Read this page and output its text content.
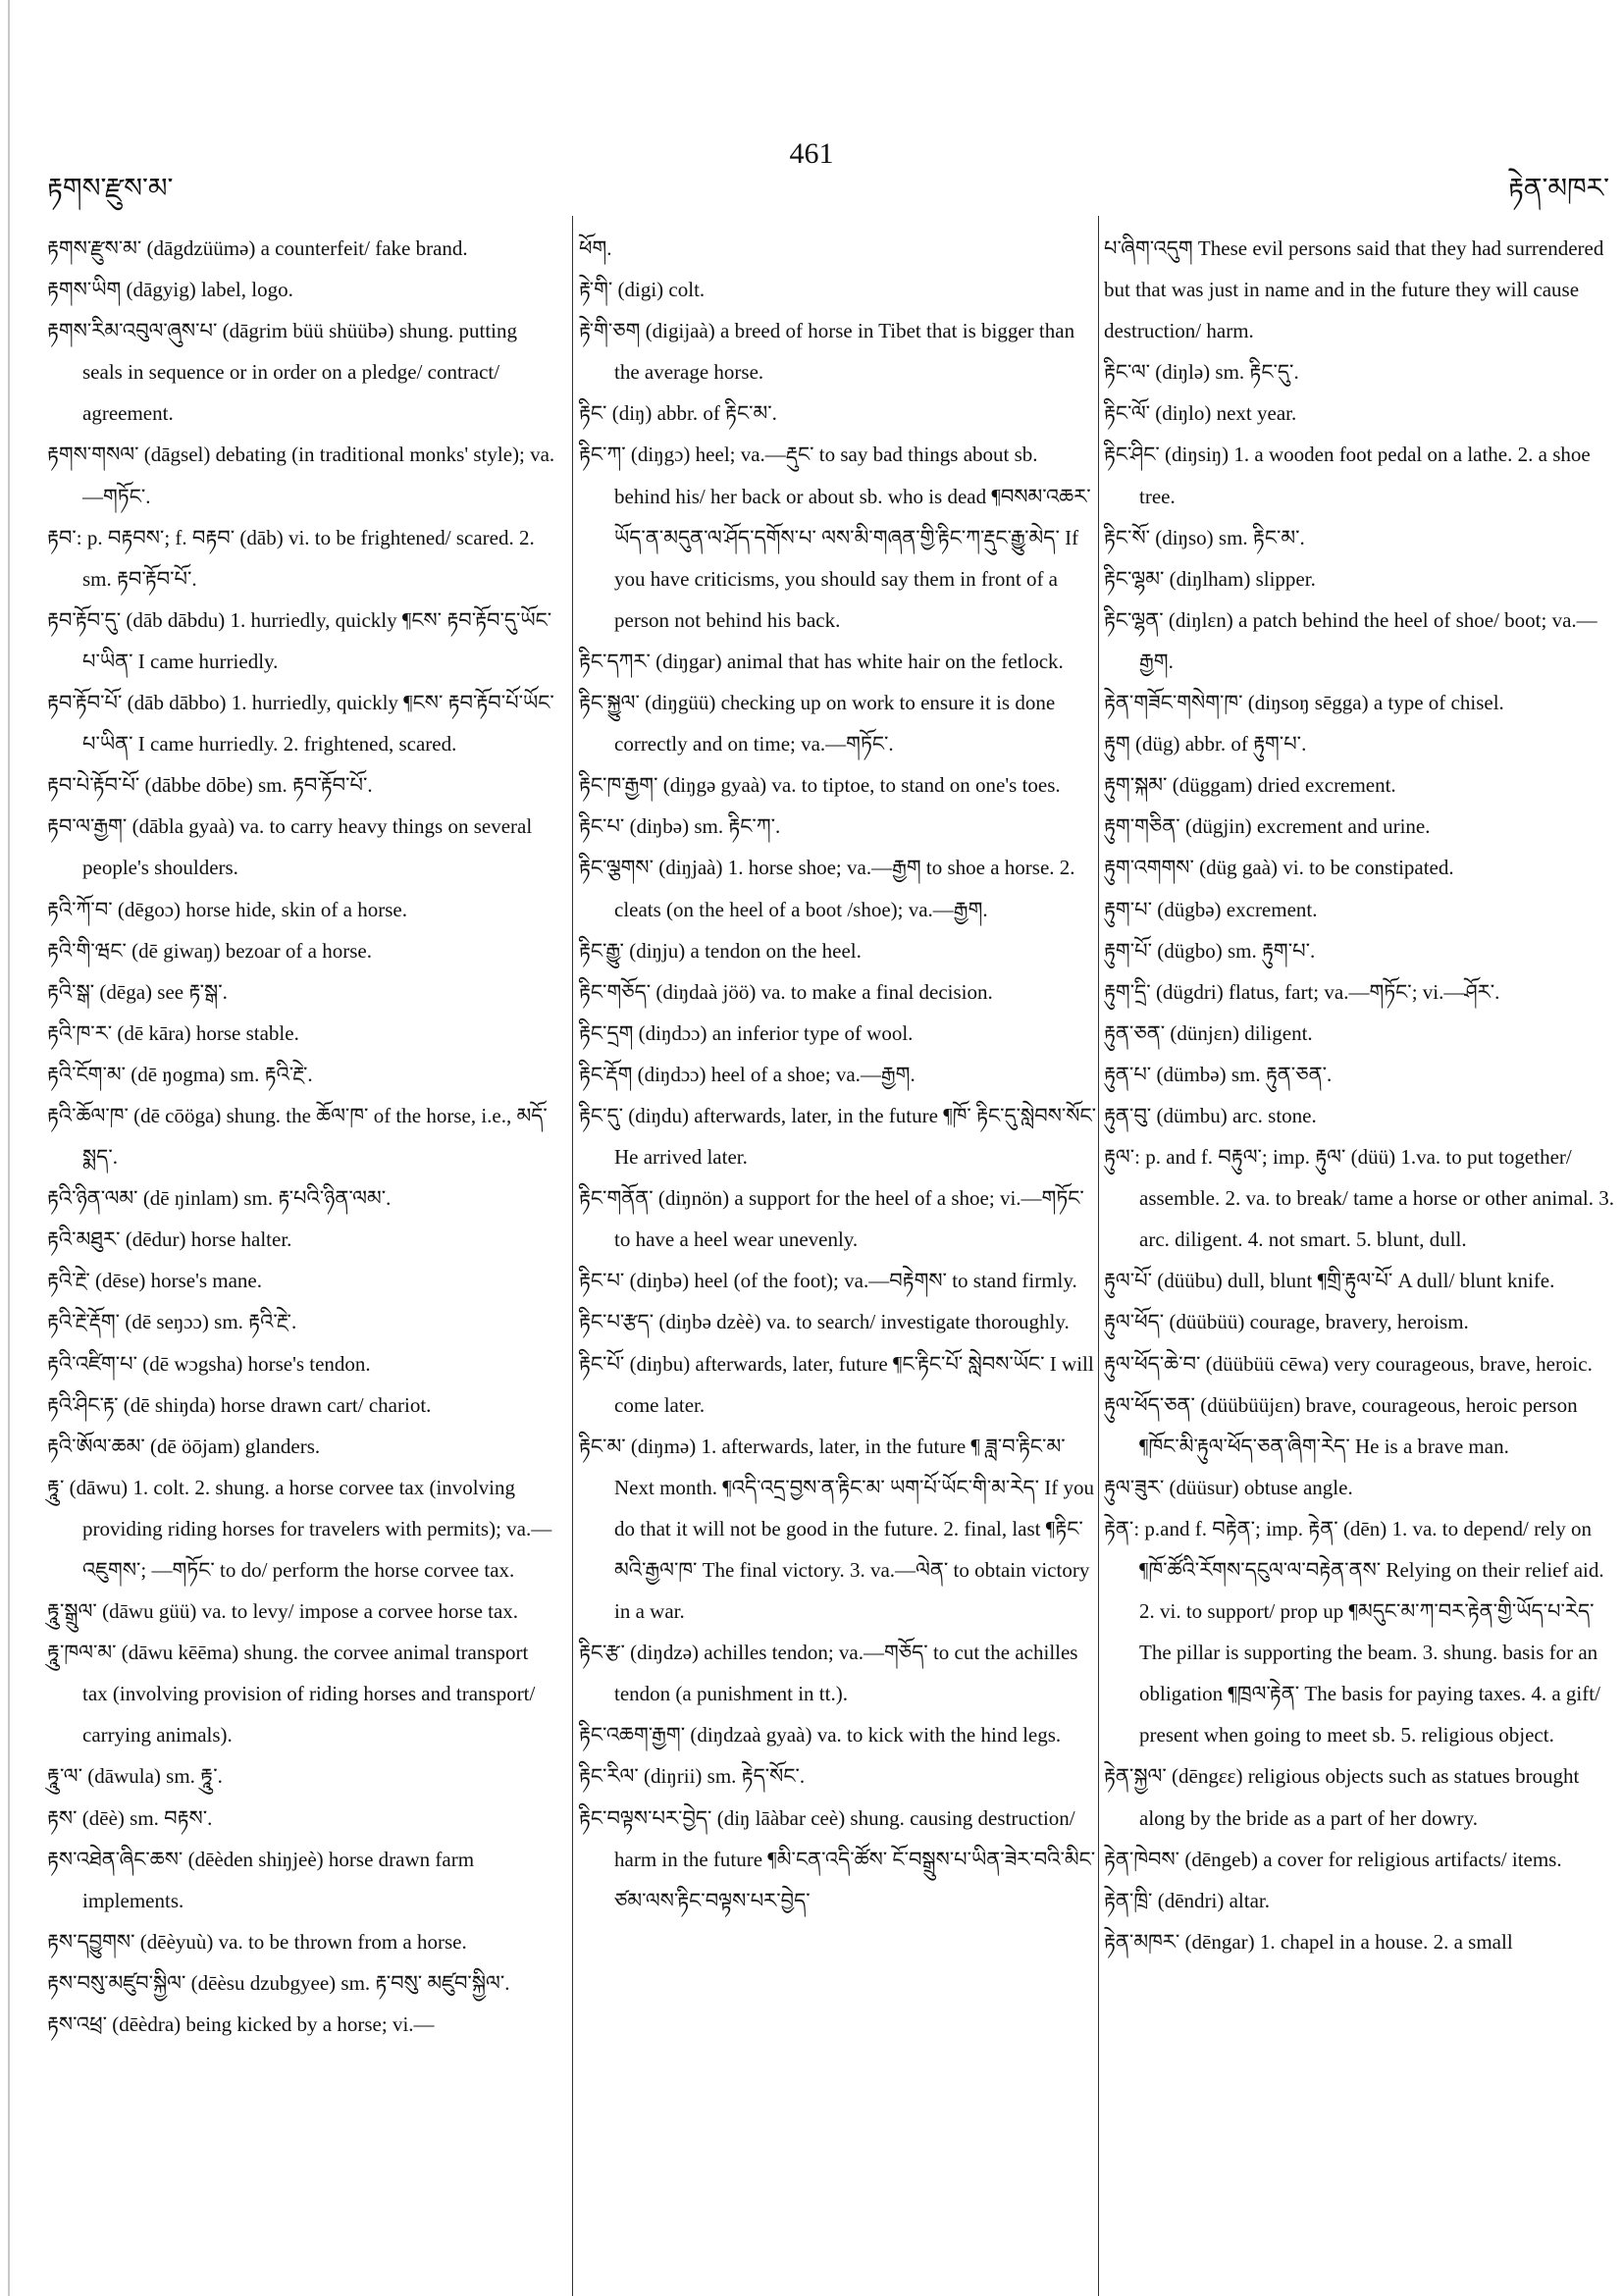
རྟགས་རྫུས་མ་
461
རྟེན་མཁར་

རྟགས་རྫུས་མ་ (dāgdzüümə) a counterfeit/ fake brand.

རྟགས་ཡིག (dāgyig) label, logo.

རྟགས་རིམ་འབུལ་ཞུས་པ་ (dāgrim büü shüübə) shung. putting seals in sequence or in order on a pledge/ contract/ agreement.

རྟགས་གསལ་ (dāgsel) debating (in traditional monks' style); va.—གཏོང་.

རྟབ་: p. བརྟབས་; f. བརྟབ་ (dāb) vi. to be frightened/ scared. 2. sm. རྟབ་རྟོབ་པོ་.

རྟབ་རྟོབ་དུ་ (dāb dābdu) 1. hurriedly, quickly ¶ངས་ རྟབ་རྟོབ་དུ་ཡོང་པ་ཡིན་ I came hurriedly.

རྟབ་རྟོབ་པོ་ (dāb dābbo) 1. hurriedly, quickly ¶ངས་ རྟབ་རྟོབ་པོ་ཡོང་པ་ཡིན་ I came hurriedly. 2. frightened, scared.

རྟབ་པེ་རྟོབ་པོ་ (dābbe dōbe) sm. རྟབ་རྟོབ་པོ་.

རྟབ་ལ་རྒྱག་ (dābla gyaà) va. to carry heavy things on several people's shoulders.

རྟའི་ཀོ་བ་ (dēgoɔ) horse hide, skin of a horse.

རྟའི་གི་ཝང་ (dē giwaŋ) bezoar of a horse.

རྟའི་སྒ་ (dēga) see རྟ་སྒ་.

རྟའི་ཁ་ར་ (dē kāra) horse stable.

རྟའི་ངོག་མ་ (dē ŋogma) sm. རྟའི་རྔེ་.

རྟའི་ཆོལ་ཁ་ (dē cōöga) shung. the ཆོལ་ཁ་ of the horse, i.e., མདོ་སྨད་.

རྟའི་ཉིན་ལམ་ (dē ŋinlam) sm. རྟ་པའི་ཉིན་ལམ་.

རྟའི་མཐུར་ (dēdur) horse halter.

རྟའི་རྔེ་ (dēse) horse's mane.

རྟའི་རྔེ་རྡོག་ (dē seŋɔɔ) sm. རྟའི་རྔེ་.

རྟའི་འཛིག་པ་ (dē wɔgsha) horse's tendon.

རྟའི་ཤིང་རྟ་ (dē shiŋda) horse drawn cart/ chariot.

རྟའི་ཨོལ་ཆམ་ (dē öōjam) glanders.

རྟཱུ་ (dāwu) 1. colt. 2. shung. a horse corvee tax (involving providing riding horses for travelers with permits); va.—འཇུགས་; —གཏོང་ to do/ perform the horse corvee tax.

རྟཱུ་སྒྲུལ་ (dāwu güü) va. to levy/ impose a corvee horse tax.

རྟཱུ་ཁལ་མ་ (dāwu kēēma) shung. the corvee animal transport tax (involving provision of riding horses and transport/ carrying animals).

རྟཱུ་ལ་ (dāwula) sm. རྟཱུ་.

རྟས་ (dēè) sm. བརྟས་.

རྟས་འཐེན་ཞིང་ཆས་ (dēèden shiŋjeè) horse drawn farm implements.

རྟས་དབྱུགས་ (dēèyuù) va. to be thrown from a horse.

རྟས་བསུ་མཛུབ་སྐྱིལ་ (dēèsu dzubgyee) sm. རྟ་བསུ་ མཛུབ་སྐྱིལ་.

རྟས་འཕྲ་ (dēèdra) being kicked by a horse; vi.—

ཕོག.

རྟེ་གི་ (digi) colt.

རྟེ་གི་ཅག (digijaà) a breed of horse in Tibet that is bigger than the average horse.

རྟིང་ (diŋ) abbr. of རྟིང་མ་.

རྟིང་ཀ་ (diŋgɔ) heel; va.—རྡུང་ to say bad things about sb. behind his/ her back or about sb. who is dead ¶བསམ་འཆར་ཡོད་ན་མདུན་ལ་ཤོད་དགོས་པ་ ལས་མི་གཞན་གྱི་རྟིང་ཀ་རྡུང་རྒྱུ་མེད་ If you have criticisms, you should say them in front of a person not behind his back.

རྟིང་དཀར་ (diŋgar) animal that has white hair on the fetlock.

རྟིང་སྐྱུལ་ (diŋgüü) checking up on work to ensure it is done correctly and on time; va.—གཏོང་.

རྟིང་ཁ་རྒྱག་ (diŋgə gyaà) va. to tiptoe, to stand on one's toes.

རྟིང་པ་ (diŋbə) sm. རྟིང་ཀ་.

རྟིང་ལྕགས་ (diŋjaà) 1. horse shoe; va.—རྒྱག to shoe a horse. 2. cleats (on the heel of a boot /shoe); va.—རྒྱག.

རྟིང་རྒྱུ་ (diŋju) a tendon on the heel.

རྟིང་གཅོད་ (diŋdaà jöö) va. to make a final decision.

རྟིང་དྲག (diŋdɔɔ) an inferior type of wool.

རྟིང་རྡོག (diŋdɔɔ) heel of a shoe; va.—རྒྱག.

རྟིང་དུ་ (diŋdu) afterwards, later, in the future ¶ཁོ་ རྟིང་དུ་སླེབས་སོང་ He arrived later.

རྟིང་གནོན་ (diŋnön) a support for the heel of a shoe; vi.—གཏོང་ to have a heel wear unevenly.

རྟིང་པ་ (diŋbə) heel (of the foot); va.—བརྟེགས་ to stand firmly.

རྟིང་པ་རྩད་ (diŋbə dzèè) va. to search/ investigate thoroughly.

རྟིང་པོ་ (diŋbu) afterwards, later, future ¶ང་རྟིང་པོ་ སླེབས་ཡོང་ I will come later.

རྟིང་མ་ (diŋmə) 1. afterwards, later, in the future ¶ ཟླ་བ་རྟིང་མ་ Next month. ¶འདི་འདྲ་བྱས་ན་རྟིང་མ་ ཡག་པོ་ཡོང་གི་མ་རེད་ If you do that it will not be good in the future. 2. final, last ¶རྟིང་མའི་རྒྱལ་ཁ་ The final victory. 3. va.—ལེན་ to obtain victory in a war.

རྟིང་རྩ་ (diŋdzə) achilles tendon; va.—གཅོད་ to cut the achilles tendon (a punishment in tt.).

རྟིང་འཆག་རྒྱག་ (diŋdzaà gyaà) va. to kick with the hind legs.

རྟིང་རིལ་ (diŋrii) sm. རྟེད་སོང་.

རྟིང་བལྟས་པར་བྱེད་ (diŋ lāàbar ceè) shung. causing destruction/ harm in the future ¶མི་ངན་འདི་ཚོས་ ངོ་བསྒྲུས་པ་ཡིན་ཟེར་བའི་མིང་ཙམ་ལས་རྟིང་བལྟས་པར་བྱེད་

པ་ཞིག་འདུག These evil persons said that they had surrendered but that was just in name and in the future they will cause destruction/ harm.

རྟིང་ལ་ (diŋlə) sm. རྟིང་དུ་.

རྟིང་ལོ་ (diŋlo) next year.

རྟིང་ཤིང་ (diŋsiŋ) 1. a wooden foot pedal on a lathe. 2. a shoe tree.

རྟིང་སོ་ (diŋso) sm. རྟིང་མ་.

རྟིང་ལྷམ་ (diŋlham) slipper.

རྟིང་ལྷན་ (diŋlɛn) a patch behind the heel of shoe/ boot; va.—རྒྱག.

རྟེན་གཟོང་གསེག་ཁ་ (diŋsoŋ sēgga) a type of chisel.

རྟུག (düg) abbr. of རྟུག་པ་.

རྟུག་སྐམ་ (düggam) dried excrement.

རྟུག་གཅིན་ (dügjin) excrement and urine.

རྟུག་འགགས་ (düg gaà) vi. to be constipated.

རྟུག་པ་ (dügbə) excrement.

རྟུག་པོ་ (dügbo) sm. རྟུག་པ་.

རྟུག་དྲི་ (dügdri) flatus, fart; va.—གཏོང་; vi.—ཤོར་.

རྟུན་ཅན་ (dünjɛn) diligent.

རྟུན་པ་ (dümbə) sm. རྟུན་ཅན་.

རྟུན་བུ་ (dümbu) arc. stone.

རྟུལ་: p. and f. བརྟུལ་; imp. རྟུལ་ (düü) 1.va. to put together/ assemble. 2. va. to break/ tame a horse or other animal. 3. arc. diligent. 4. not smart. 5. blunt, dull.

རྟུལ་པོ་ (düübu) dull, blunt ¶གྲི་རྟུལ་པོ་ A dull/ blunt knife.

རྟུལ་ཕོད་ (düübüü) courage, bravery, heroism.

རྟུལ་ཕོད་ཆེ་བ་ (düübüü cēwa) very courageous, brave, heroic.

རྟུལ་ཕོད་ཅན་ (düübüüjɛn) brave, courageous, heroic person ¶ཁོང་མི་རྟུལ་ཕོད་ཅན་ཞིག་རེད་ He is a brave man.

རྟུལ་ཟུར་ (düüsur) obtuse angle.

རྟེན་: p.and f. བརྟེན་; imp. རྟེན་ (dēn) 1. va. to depend/ rely on ¶ཁོ་ཚོའི་རོགས་དངུལ་ལ་བརྟེན་ནས་ Relying on their relief aid. 2. vi. to support/ prop up ¶མདུང་མ་ཀ་བར་རྟེན་གྱི་ཡོད་པ་རེད་ The pillar is supporting the beam. 3. shung. basis for an obligation ¶ཁྲལ་རྟེན་ The basis for paying taxes. 4. a gift/ present when going to meet sb. 5. religious object.

རྟེན་སྐྱལ་ (dēngɛɛ) religious objects such as statues brought along by the bride as a part of her dowry.

རྟེན་ཁེབས་ (dēngeb) a cover for religious artifacts/ items.

རྟེན་ཁྲི་ (dēndri) altar.

རྟེན་མཁར་ (dēngar) 1. chapel in a house. 2. a small
